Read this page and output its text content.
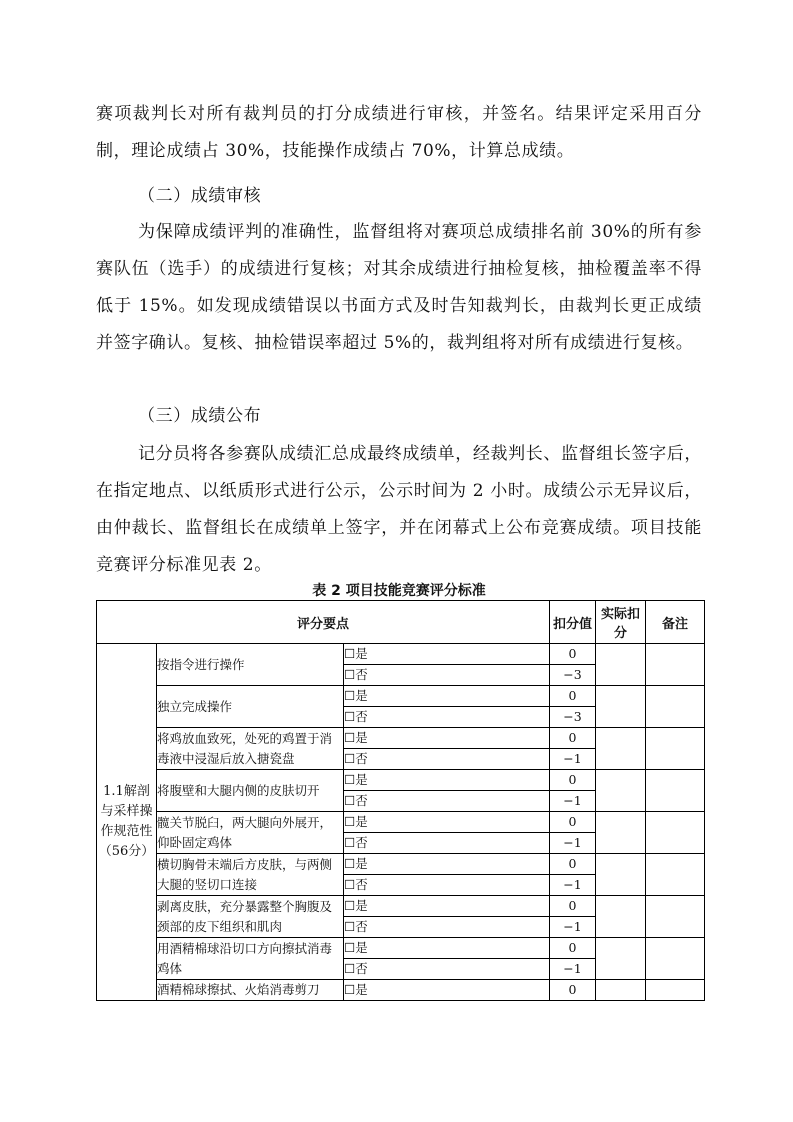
赛项裁判长对所有裁判员的打分成绩进行审核，并签名。结果评定采用百分制，理论成绩占 30%，技能操作成绩占 70%，计算总成绩。
（二）成绩审核
为保障成绩评判的准确性，监督组将对赛项总成绩排名前 30%的所有参赛队伍（选手）的成绩进行复核；对其余成绩进行抽检复核，抽检覆盖率不得低于 15%。如发现成绩错误以书面方式及时告知裁判长，由裁判长更正成绩并签字确认。复核、抽检错误率超过 5%的，裁判组将对所有成绩进行复核。
（三）成绩公布
记分员将各参赛队成绩汇总成最终成绩单，经裁判长、监督组长签字后，在指定地点、以纸质形式进行公示，公示时间为 2 小时。成绩公示无异议后，由仲裁长、监督组长在成绩单上签字，并在闭幕式上公布竞赛成绩。项目技能竞赛评分标准见表 2。
表 2 项目技能竞赛评分标准
评分要点			扣分值	实际扣分	备注
1.1解剖与采样操作规范性（56分）	按指令进行操作	☐是	0		
		☐否	−3		
	独立完成操作	☐是	0		
		☐否	−3		
	将鸡放血致死，处死的鸡置于消毒液中浸湿后放入搪瓷盘	☐是	0		
		☐否	−1		
	将腹壁和大腿内侧的皮肤切开	☐是	0		
		☐否	−1		
	髋关节脱臼，两大腿向外展开，仰卧固定鸡体	☐是	0		
		☐否	−1		
	横切胸骨末端后方皮肤，与两侧大腿的竖切口连接	☐是	0		
		☐否	−1		
	剥离皮肤，充分暴露整个胸腹及颈部的皮下组织和肌肉	☐是	0		
		☐否	−1		
	用酒精棉球沿切口方向擦拭消毒鸡体	☐是	0		
		☐否	−1		
	酒精棉球擦拭、火焰消毒剪刀	☐是	0		
